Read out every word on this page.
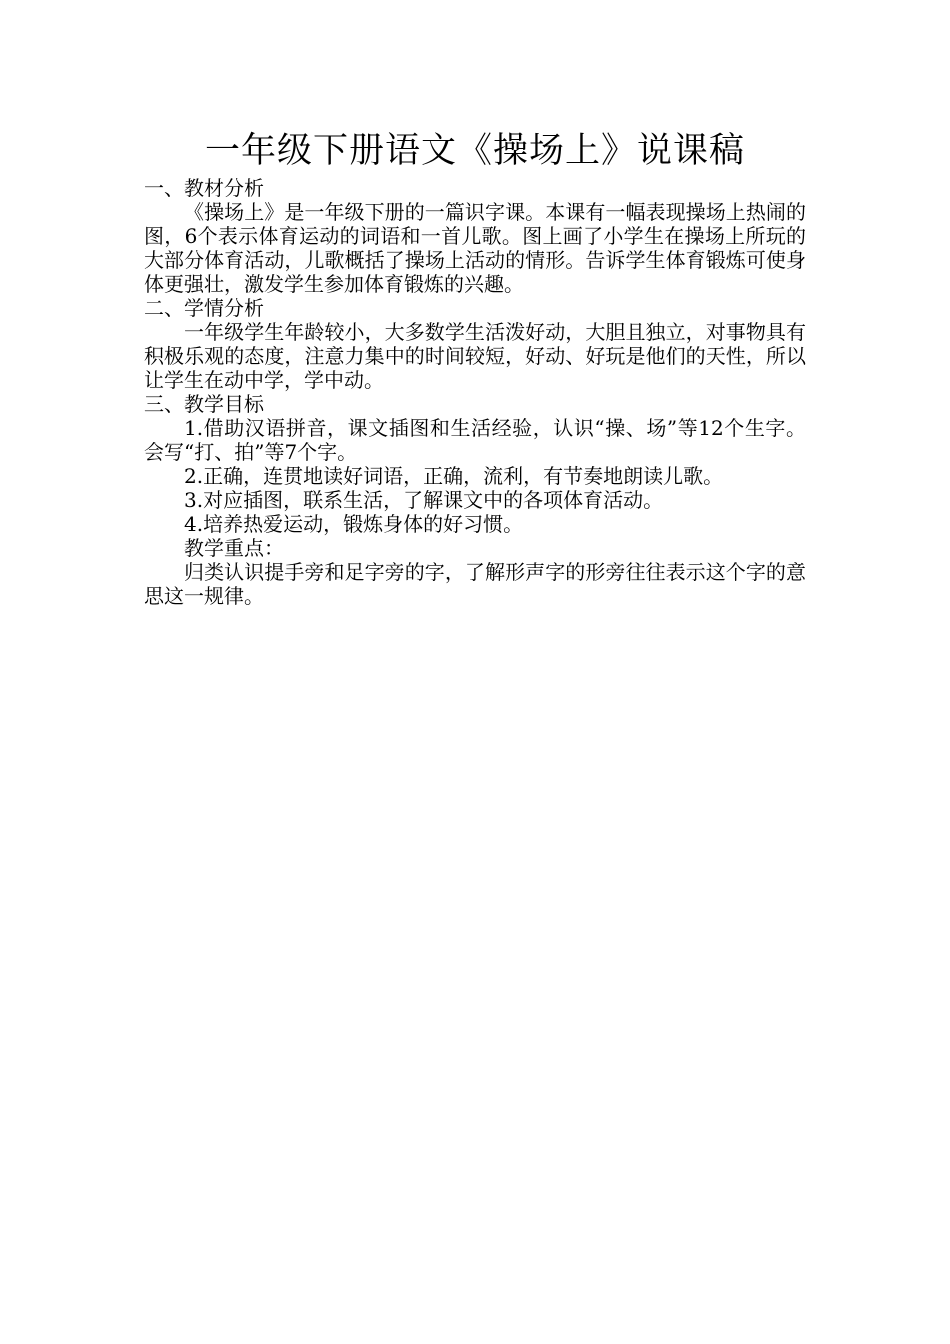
一年级下册语文《操场上》说课稿

一、教材分析

《操场上》是一年级下册的一篇识字课。本课有一幅表现操场上热闹的图，6个表示体育运动的词语和一首儿歌。图上画了小学生在操场上所玩的大部分体育活动，儿歌概括了操场上活动的情形。告诉学生体育锻炼可使身体更强壮，激发学生参加体育锻炼的兴趣。

二、学情分析

一年级学生年龄较小，大多数学生活泼好动，大胆且独立，对事物具有积极乐观的态度，注意力集中的时间较短，好动、好玩是他们的天性，所以让学生在动中学，学中动。

三、教学目标

1.借助汉语拼音，课文插图和生活经验，认识“操、场”等12个生字。会写“打、拍”等7个字。

2.正确，连贯地读好词语，正确，流利，有节奏地朗读儿歌。

3.对应插图，联系生活，了解课文中的各项体育活动。

4.培养热爱运动，锻炼身体的好习惯。

教学重点：

归类认识提手旁和足字旁的字，了解形声字的形旁往往表示这个字的意思这一规律。
